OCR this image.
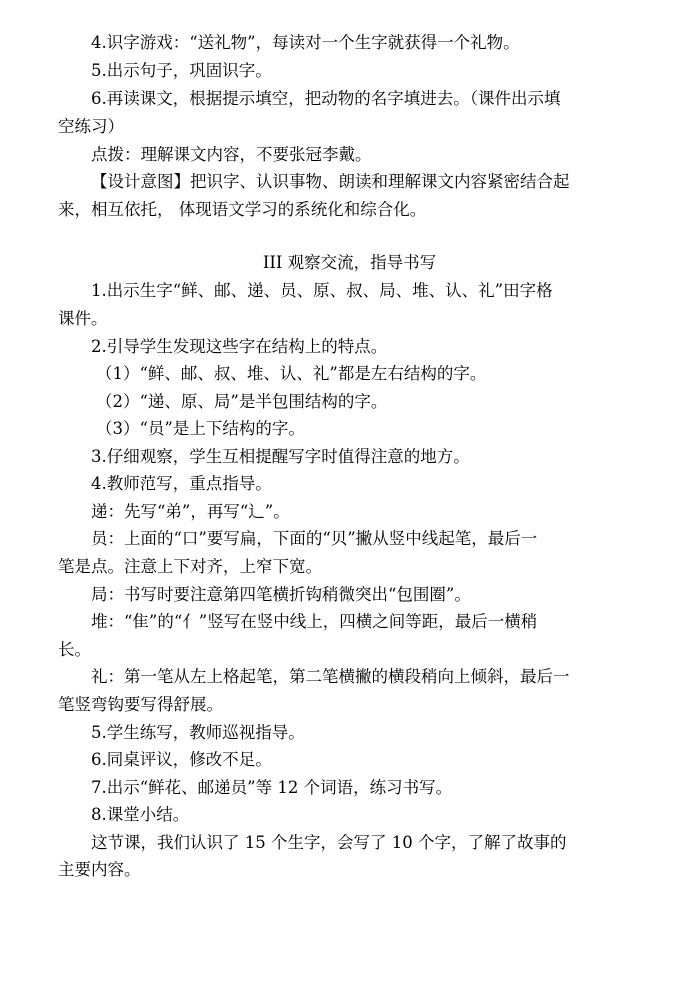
4.识字游戏：“送礼物”，每读对一个生字就获得一个礼物。
5.出示句子，巩固识字。
6.再读课文，根据提示填空，把动物的名字填进去。（课件出示填
空练习）
点拨：理解课文内容，不要张冠李戴。
【设计意图】把识字、认识事物、朗读和理解课文内容紧密结合起
来，相互依托， 体现语文学习的系统化和综合化。
III 观察交流，指导书写
1.出示生字“鲜、邮、递、员、原、叔、局、堆、认、礼”田字格
课件。
2.引导学生发现这些字在结构上的特点。
（1）“鲜、邮、叔、堆、认、礼”都是左右结构的字。
（2）“递、原、局”是半包围结构的字。
（3）“员”是上下结构的字。
3.仔细观察，学生互相提醒写字时值得注意的地方。
4.教师范写，重点指导。
递：先写“弟”，再写“辶”。
员：上面的“口”要写扁，下面的“贝”撇从竖中线起笔，最后一
笔是点。注意上下对齐，上窄下宽。
局：书写时要注意第四笔横折钩稍微突出“包围圈”。
堆：“隹”的“亻”竖写在竖中线上，四横之间等距，最后一横稍
长。
礼：第一笔从左上格起笔，第二笔横撇的横段稍向上倾斜，最后一
笔竖弯钩要写得舒展。
5.学生练写，教师巡视指导。
6.同桌评议，修改不足。
7.出示“鲜花、邮递员”等 12 个词语，练习书写。
8.课堂小结。
这节课，我们认识了 15 个生字，会写了 10 个字，了解了故事的
主要内容。
